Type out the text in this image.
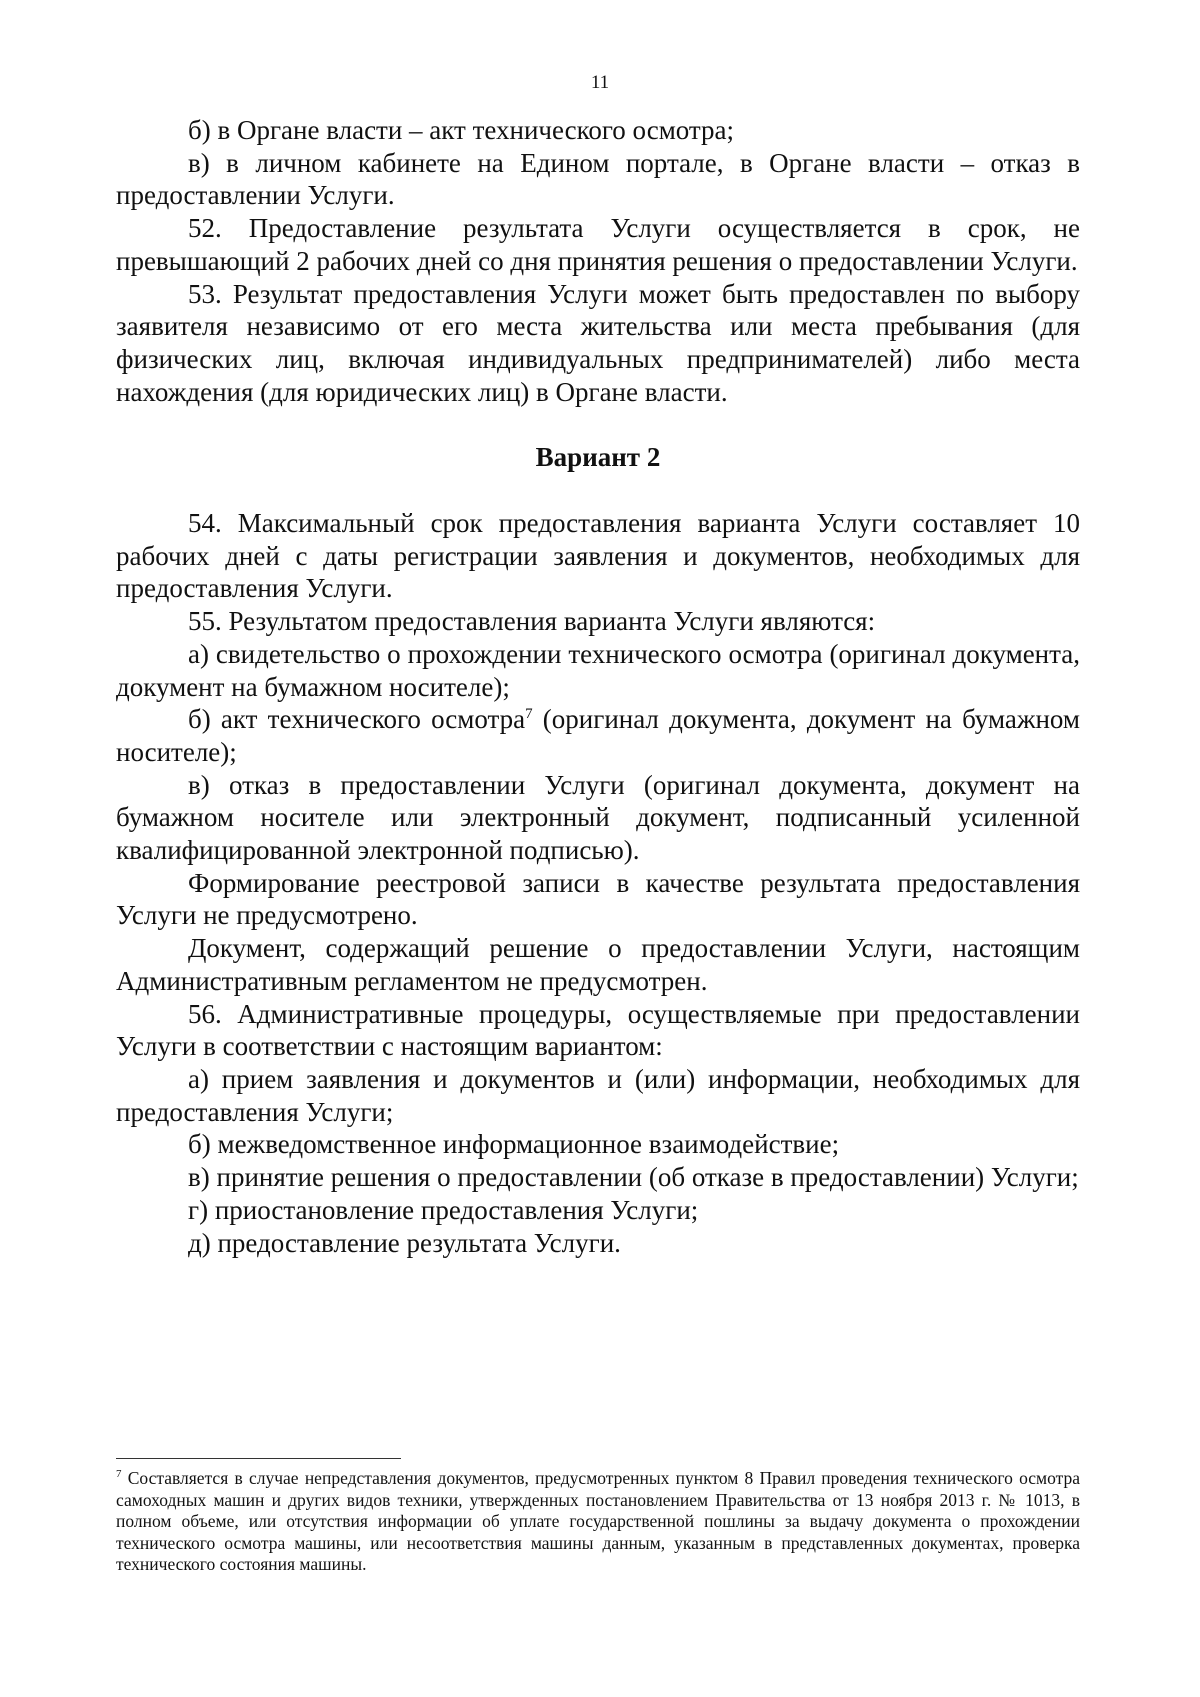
11

б) в Органе власти – акт технического осмотра;

в) в личном кабинете на Едином портале, в Органе власти – отказ в предоставлении Услуги.

52. Предоставление результата Услуги осуществляется в срок, не превышающий 2 рабочих дней со дня принятия решения о предоставлении Услуги.

53. Результат предоставления Услуги может быть предоставлен по выбору заявителя независимо от его места жительства или места пребывания (для физических лиц, включая индивидуальных предпринимателей) либо места нахождения (для юридических лиц) в Органе власти.

Вариант 2

54. Максимальный срок предоставления варианта Услуги составляет 10 рабочих дней с даты регистрации заявления и документов, необходимых для предоставления Услуги.

55. Результатом предоставления варианта Услуги являются:

а) свидетельство о прохождении технического осмотра (оригинал документа, документ на бумажном носителе);

б) акт технического осмотра$^7$ (оригинал документа, документ на бумажном носителе);

в) отказ в предоставлении Услуги (оригинал документа, документ на бумажном носителе или электронный документ, подписанный усиленной квалифицированной электронной подписью).

Формирование реестровой записи в качестве результата предоставления Услуги не предусмотрено.

Документ, содержащий решение о предоставлении Услуги, настоящим Административным регламентом не предусмотрен.

56. Административные процедуры, осуществляемые при предоставлении Услуги в соответствии с настоящим вариантом:

а) прием заявления и документов и (или) информации, необходимых для предоставления Услуги;

б) межведомственное информационное взаимодействие;

в) принятие решения о предоставлении (об отказе в предоставлении) Услуги;

г) приостановление предоставления Услуги;

д) предоставление результата Услуги.

$^7$ Составляется в случае непредставления документов, предусмотренных пунктом 8 Правил проведения технического осмотра самоходных машин и других видов техники, утвержденных постановлением Правительства от 13 ноября 2013 г. № 1013, в полном объеме, или отсутствия информации об уплате государственной пошлины за выдачу документа о прохождении технического осмотра машины, или несоответствия машины данным, указанным в представленных документах, проверка технического состояния машины.
